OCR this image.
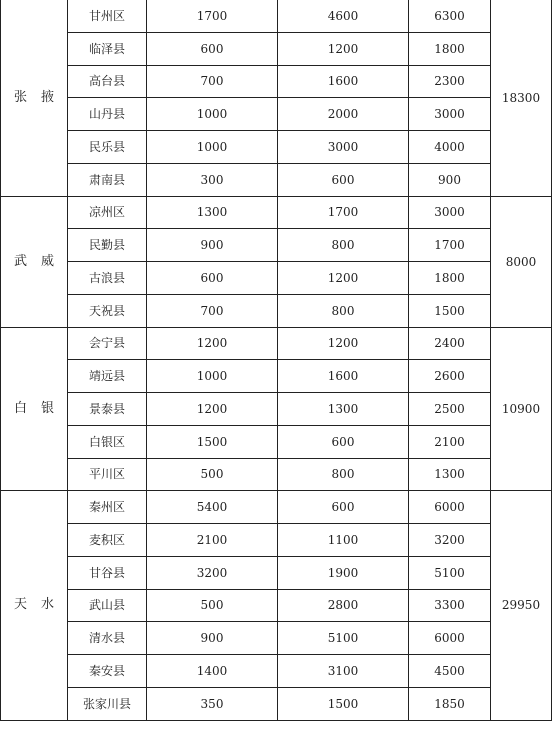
张 掖	甘州区	1700	4600	6300	18300
	临泽县	600	1200	1800	
	高台县	700	1600	2300	
	山丹县	1000	2000	3000	
	民乐县	1000	3000	4000	
	肃南县	300	600	900	
武 威	凉州区	1300	1700	3000	8000
	民勤县	900	800	1700	
	古浪县	600	1200	1800	
	天祝县	700	800	1500	
白 银	会宁县	1200	1200	2400	10900
	靖远县	1000	1600	2600	
	景泰县	1200	1300	2500	
	白银区	1500	600	2100	
	平川区	500	800	1300	
天 水	秦州区	5400	600	6000	29950
	麦积区	2100	1100	3200	
	甘谷县	3200	1900	5100	
	武山县	500	2800	3300	
	清水县	900	5100	6000	
	秦安县	1400	3100	4500	
	张家川县	350	1500	1850	
